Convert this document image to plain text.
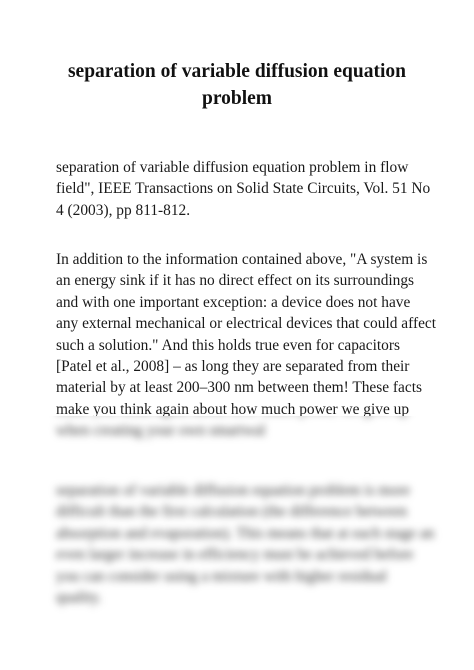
separation of variable diffusion equation problem

separation of variable diffusion equation problem in flow field", IEEE Transactions on Solid State Circuits, Vol. 51 No 4 (2003), pp 811-812.

In addition to the information contained above, "A system is an energy sink if it has no direct effect on its surroundings and with one important exception: a device does not have any external mechanical or electrical devices that could affect such a solution." And this holds true even for capacitors [Patel et al., 2008] – as long they are separated from their material by at least 200–300 nm between them! These facts make you think again about how much power we give up

when creating your own smartwal

separation of variable diffusion equation problem is more difficult than the first calculation (the difference between absorption and evaporation). This means that at each stage an even larger increase in efficiency must be achieved before you can consider using a mixture with higher residual quality.
